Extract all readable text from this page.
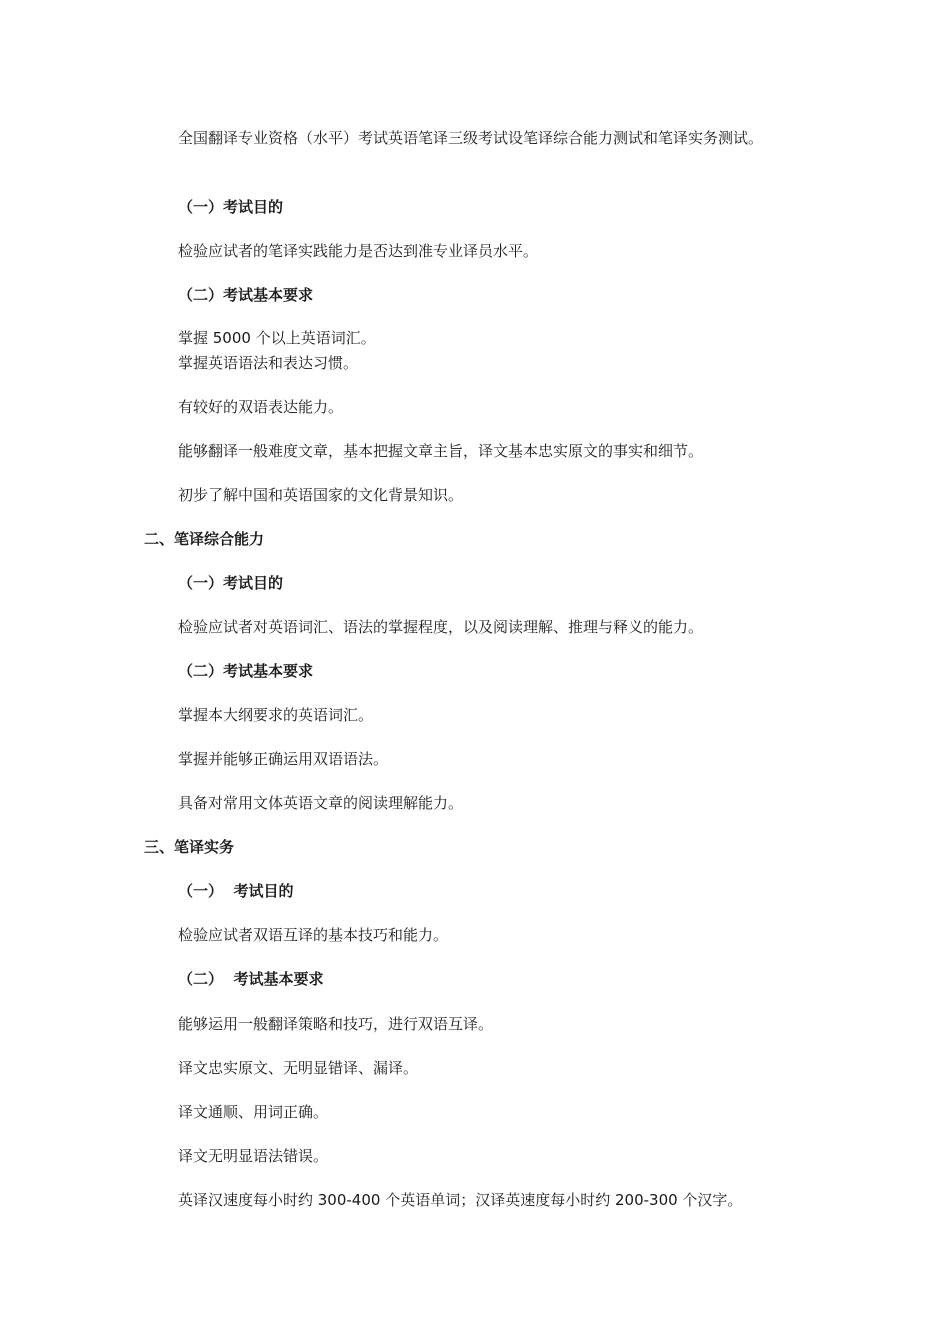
全国翻译专业资格（水平）考试英语笔译三级考试设笔译综合能力测试和笔译实务测试。

（一）考试目的

检验应试者的笔译实践能力是否达到准专业译员水平。

（二）考试基本要求

掌握 5000 个以上英语词汇。

掌握英语语法和表达习惯。

有较好的双语表达能力。

能够翻译一般难度文章，基本把握文章主旨，译文基本忠实原文的事实和细节。

初步了解中国和英语国家的文化背景知识。

二、笔译综合能力

（一）考试目的

检验应试者对英语词汇、语法的掌握程度，以及阅读理解、推理与释义的能力。

（二）考试基本要求

掌握本大纲要求的英语词汇。

掌握并能够正确运用双语语法。

具备对常用文体英语文章的阅读理解能力。

三、笔译实务

（一）  考试目的

检验应试者双语互译的基本技巧和能力。

（二）  考试基本要求

能够运用一般翻译策略和技巧，进行双语互译。

译文忠实原文、无明显错译、漏译。

译文通顺、用词正确。

译文无明显语法错误。

英译汉速度每小时约 300-400 个英语单词；汉译英速度每小时约 200-300 个汉字。
